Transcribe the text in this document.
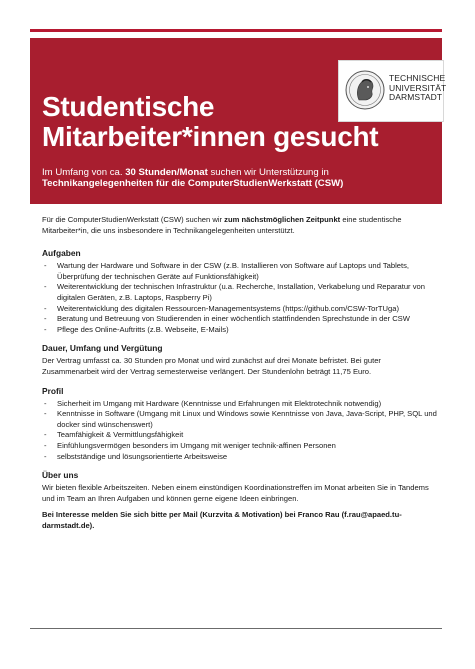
TECHNISCHE
UNIVERSITÄT
DARMSTADT
Studentische
Mitarbeiter*innen gesucht
Im Umfang von ca. 30 Stunden/Monat suchen wir Unterstützung in
Technikangelegenheiten für die ComputerStudienWerkstatt (CSW)

Für die ComputerStudienWerkstatt (CSW) suchen wir zum nächstmöglichen Zeitpunkt eine studentische Mitarbeiter*in, die uns insbesondere in Technikangelegenheiten unterstützt.

Aufgaben
- Wartung der Hardware und Software in der CSW (z.B. Installieren von Software auf Laptops und Tablets, Überprüfung der technischen Geräte auf Funktionsfähigkeit)
- Weiterentwicklung der technischen Infrastruktur (u.a. Recherche, Installation, Verkabelung und Reparatur von digitalen Geräten, z.B. Laptops, Raspberry Pi)
- Weiterentwicklung des digitalen Ressourcen-Managementsystems (https://github.com/CSW-TorTUga)
- Beratung und Betreuung von Studierenden in einer wöchentlich stattfindenden Sprechstunde in der CSW
- Pflege des Online-Auftritts (z.B. Webseite, E-Mails)
Dauer, Umfang und Vergütung

Der Vertrag umfasst ca. 30 Stunden pro Monat und wird zunächst auf drei Monate befristet. Bei guter Zusammenarbeit wird der Vertrag semesterweise verlängert. Der Stundenlohn beträgt 11,75 Euro.

Profil
- Sicherheit im Umgang mit Hardware (Kenntnisse und Erfahrungen mit Elektrotechnik notwendig)
- Kenntnisse in Software (Umgang mit Linux und Windows sowie Kenntnisse von Java, Java-Script, PHP, SQL und docker sind wünschenswert)
- Teamfähigkeit & Vermittlungsfähigkeit
- Einfühlungsvermögen besonders im Umgang mit weniger technik-affinen Personen
- selbstständige und lösungsorientierte Arbeitsweise
Über uns

Wir bieten flexible Arbeitszeiten. Neben einem einstündigen Koordinationstreffen im Monat arbeiten Sie in Tandems und im Team an Ihren Aufgaben und können gerne eigene Ideen einbringen.

Bei Interesse melden Sie sich bitte per Mail (Kurzvita & Motivation) bei Franco Rau (f.rau@apaed.tu-darmstadt.de).
